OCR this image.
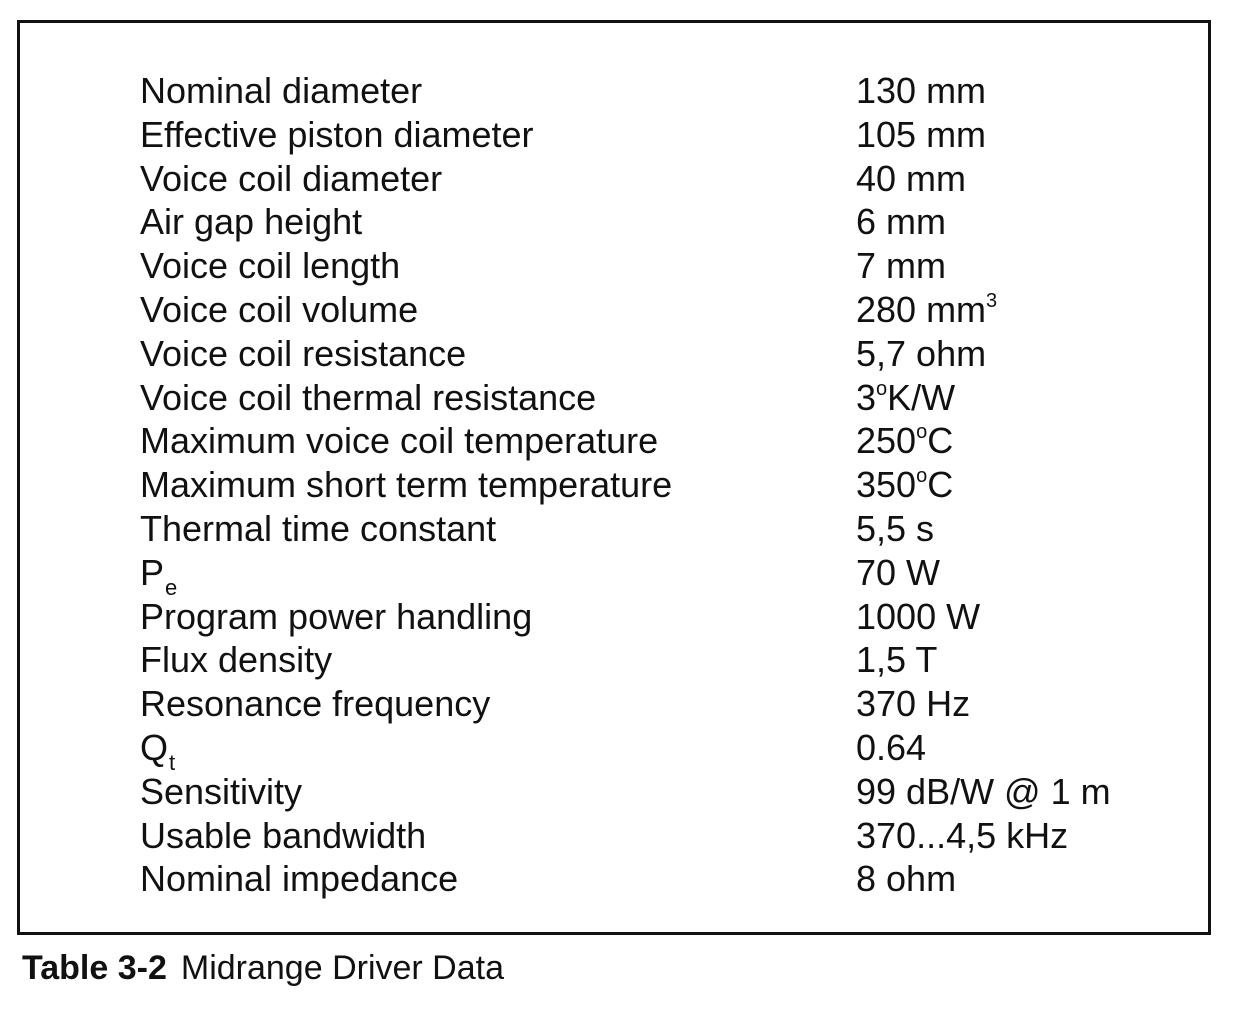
Nominal diameter	130 mm
Effective piston diameter	105 mm
Voice coil diameter	40 mm
Air gap height	6 mm
Voice coil length	7 mm
Voice coil volume	280 $mm^3$
Voice coil resistance	5,7 ohm
Voice coil thermal resistance	3$^o$K/W
Maximum voice coil temperature	250$^o$C
Maximum short term temperature	350$^o$C
Thermal time constant	5,5 s
$P_e$	70 W
Program power handling	1000 W
Flux density	1,5 T
Resonance frequency	370 Hz
$Q_t$	0.64
Sensitivity	99 dB/W @ 1 m
Usable bandwidth	370...4,5 kHz
Nominal impedance	8 ohm
Table 3-2 Midrange Driver Data
